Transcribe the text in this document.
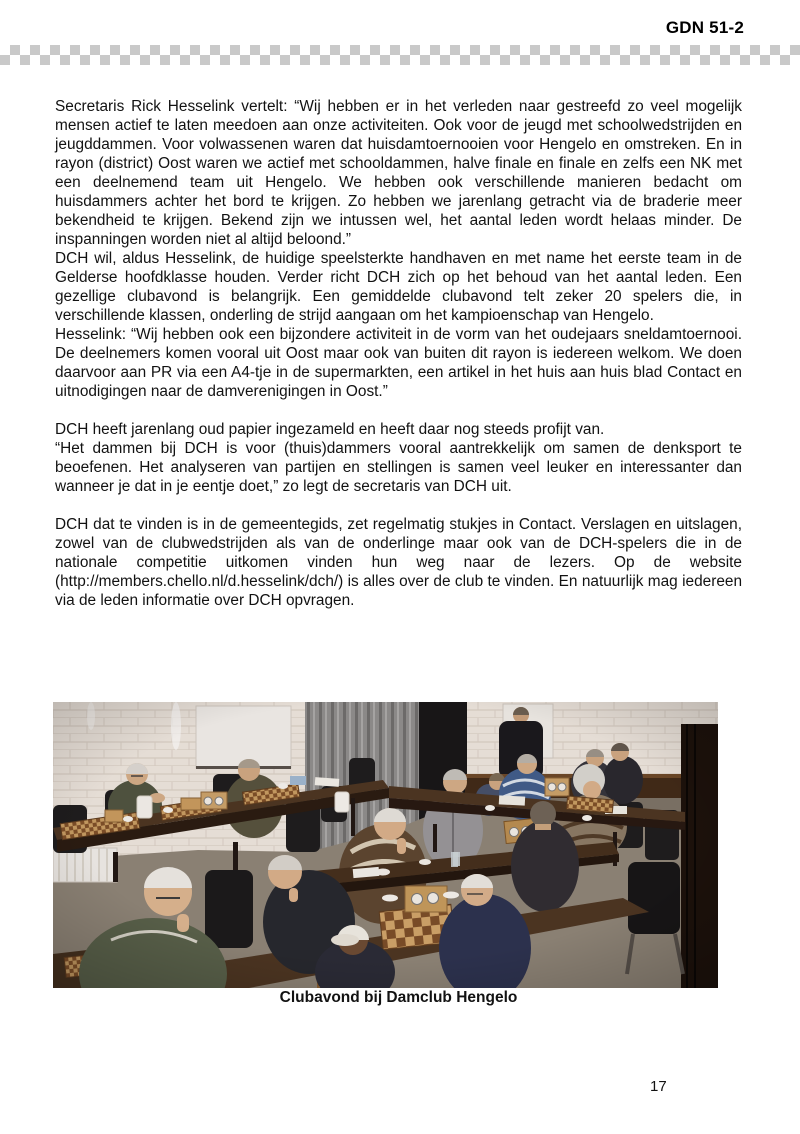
GDN 51-2

Secretaris Rick Hesselink vertelt: “Wij hebben er in het verleden naar gestreefd zo veel mogelijk mensen actief te laten meedoen aan onze activiteiten. Ook voor de jeugd met schoolwedstrijden en jeugddammen. Voor volwassenen waren dat huisdamtoernooien voor Hengelo en omstreken. En in rayon (district) Oost waren we actief met schooldammen, halve finale en finale en zelfs een NK met een deelnemend team uit Hengelo. We hebben ook verschillende manieren bedacht om huisdammers achter het bord te krijgen. Zo hebben we jarenlang getracht via de braderie meer bekendheid te krijgen. Bekend zijn we intussen wel, het aantal leden wordt helaas minder. De inspanningen worden niet al altijd beloond.”

DCH wil, aldus Hesselink, de huidige speelsterkte handhaven en met name het eerste team in de Gelderse hoofdklasse houden. Verder richt DCH zich op het behoud van het aantal leden. Een gezellige clubavond is belangrijk. Een gemiddelde clubavond telt zeker 20 spelers die, in verschillende klassen, onderling de strijd aangaan om het kampioenschap van Hengelo.

Hesselink: “Wij hebben ook een bijzondere activiteit in de vorm van het oudejaars sneldamtoernooi. De deelnemers komen vooral uit Oost maar ook van buiten dit rayon is iedereen welkom. We doen daarvoor aan PR via een A4-tje in de supermarkten, een artikel in het huis aan huis blad Contact en uitnodigingen naar de damverenigingen in Oost.”

DCH heeft jarenlang oud papier ingezameld en heeft daar nog steeds profijt van.

“Het dammen bij DCH is voor (thuis)dammers vooral aantrekkelijk om samen de denksport te beoefenen. Het analyseren van partijen en stellingen is samen veel leuker en interessanter dan wanneer je dat in je eentje doet,” zo legt de secretaris van DCH uit.

DCH dat te vinden is in de gemeentegids, zet regelmatig stukjes in Contact. Verslagen en uitslagen, zowel van de clubwedstrijden als van de onderlinge maar ook van de DCH-spelers die in de nationale competitie uitkomen vinden hun weg naar de lezers. Op de website (http://members.chello.nl/d.hesselink/dch/) is alles over de club te vinden. En natuurlijk mag iedereen via de leden informatie over DCH opvragen.

Clubavond bij Damclub Hengelo
17
